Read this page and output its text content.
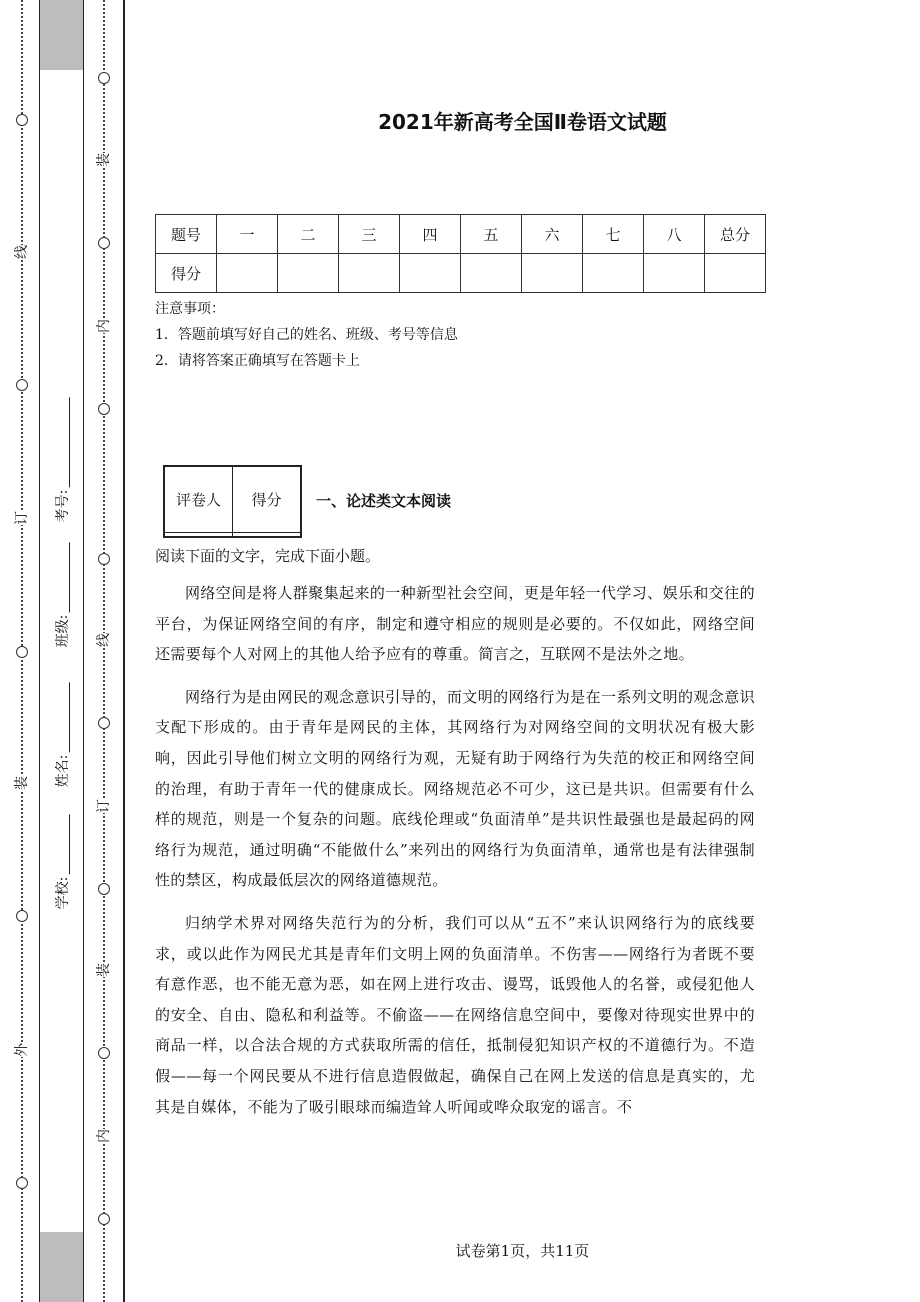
线
订
装
外
学校:
姓名:
班级:
考号:
装
内
线
订
装
内
2021年新高考全国Ⅱ卷语文试题
题号	一	二	三	四	五	六	七	八	总分
得分									
注意事项：
1．答题前填写好自己的姓名、班级、考号等信息
2．请将答案正确填写在答题卡上
评卷人	得分
	一、论述类文本阅读
阅读下面的文字，完成下面小题。

网络空间是将人群聚集起来的一种新型社会空间，更是年轻一代学习、娱乐和交往的平台，为保证网络空间的有序，制定和遵守相应的规则是必要的。不仅如此，网络空间还需要每个人对网上的其他人给予应有的尊重。简言之，互联网不是法外之地。

网络行为是由网民的观念意识引导的，而文明的网络行为是在一系列文明的观念意识支配下形成的。由于青年是网民的主体，其网络行为对网络空间的文明状况有极大影响，因此引导他们树立文明的网络行为观，无疑有助于网络行为失范的校正和网络空间的治理，有助于青年一代的健康成长。网络规范必不可少，这已是共识。但需要有什么样的规范，则是一个复杂的问题。底线伦理或“负面清单”是共识性最强也是最起码的网络行为规范，通过明确“不能做什么”来列出的网络行为负面清单，通常也是有法律强制性的禁区，构成最低层次的网络道德规范。

归纳学术界对网络失范行为的分析，我们可以从“五不”来认识网络行为的底线要求，或以此作为网民尤其是青年们文明上网的负面清单。不伤害——网络行为者既不要有意作恶，也不能无意为恶，如在网上进行攻击、谩骂，诋毁他人的名誉，或侵犯他人的安全、自由、隐私和利益等。不偷盗——在网络信息空间中，要像对待现实世界中的商品一样，以合法合规的方式获取所需的信任，抵制侵犯知识产权的不道德行为。不造假——每一个网民要从不进行信息造假做起，确保自己在网上发送的信息是真实的，尤其是自媒体，不能为了吸引眼球而编造耸人听闻或哗众取宠的谣言。不

试卷第1页，共11页
